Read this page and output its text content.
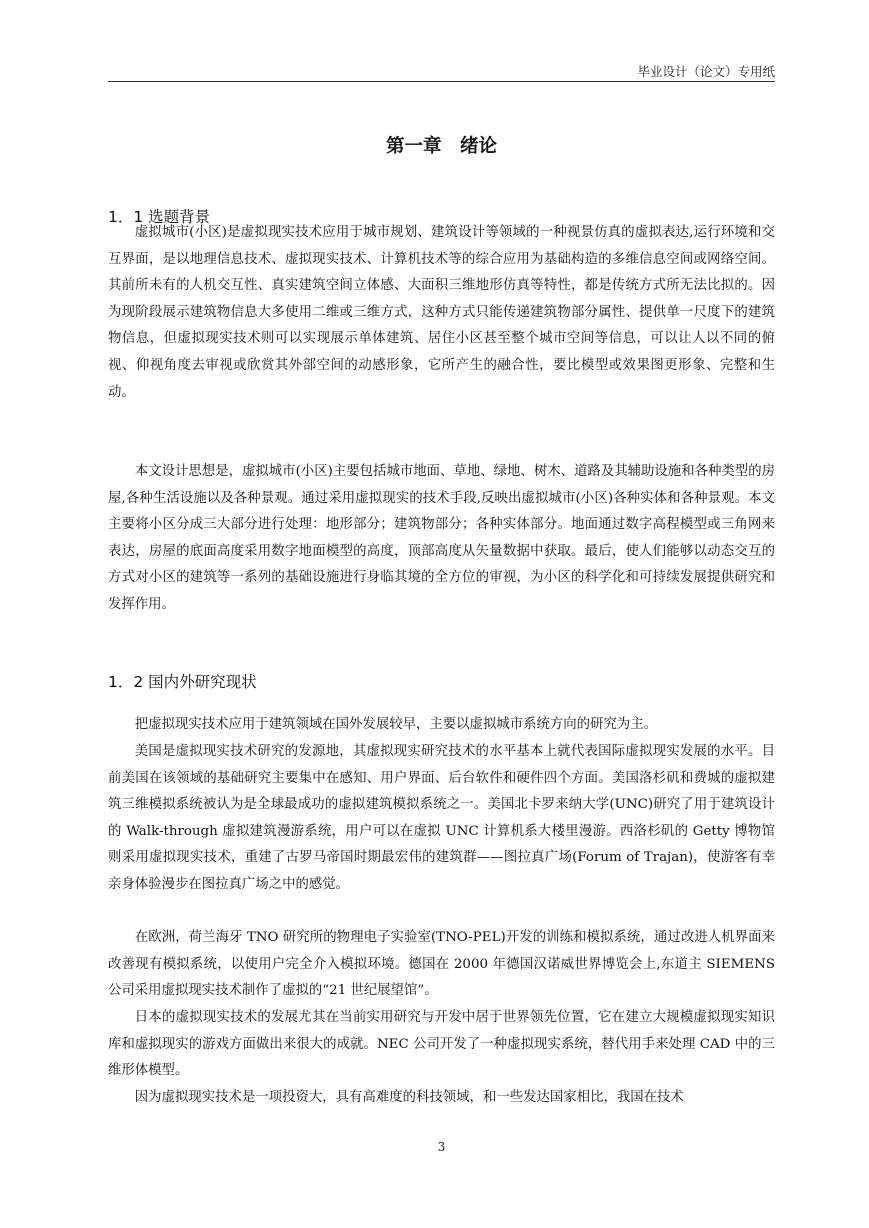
毕业设计（论文）专用纸
第一章　绪论
1．1 选题背景

虚拟城市(小区)是虚拟现实技术应用于城市规划、建筑设计等领域的一种视景仿真的虚拟表达,运行环境和交互界面，是以地理信息技术、虚拟现实技术、计算机技术等的综合应用为基础构造的多维信息空间或网络空间。其前所未有的人机交互性、真实建筑空间立体感、大面积三维地形仿真等特性，都是传统方式所无法比拟的。因为现阶段展示建筑物信息大多使用二维或三维方式，这种方式只能传递建筑物部分属性、提供单一尺度下的建筑物信息，但虚拟现实技术则可以实现展示单体建筑、居住小区甚至整个城市空间等信息，可以让人以不同的俯视、仰视角度去审视或欣赏其外部空间的动感形象，它所产生的融合性，要比模型或效果图更形象、完整和生动。

本文设计思想是，虚拟城市(小区)主要包括城市地面、草地、绿地、树木、道路及其辅助设施和各种类型的房屋,各种生活设施以及各种景观。通过采用虚拟现实的技术手段,反映出虚拟城市(小区)各种实体和各种景观。本文主要将小区分成三大部分进行处理：地形部分；建筑物部分；各种实体部分。地面通过数字高程模型或三角网来表达，房屋的底面高度采用数字地面模型的高度，顶部高度从矢量数据中获取。最后，使人们能够以动态交互的方式对小区的建筑等一系列的基础设施进行身临其境的全方位的审视，为小区的科学化和可持续发展提供研究和发挥作用。

1．2 国内外研究现状

把虚拟现实技术应用于建筑领域在国外发展较早，主要以虚拟城市系统方向的研究为主。

美国是虚拟现实技术研究的发源地，其虚拟现实研究技术的水平基本上就代表国际虚拟现实发展的水平。目前美国在该领域的基础研究主要集中在感知、用户界面、后台软件和硬件四个方面。美国洛杉矶和费城的虚拟建筑三维模拟系统被认为是全球最成功的虚拟建筑模拟系统之一。美国北卡罗来纳大学(UNC)研究了用于建筑设计的 Walk-through 虚拟建筑漫游系统，用户可以在虚拟 UNC 计算机系大楼里漫游。西洛杉矶的 Getty 博物馆则采用虚拟现实技术，重建了古罗马帝国时期最宏伟的建筑群——图拉真广场(Forum of Trajan)，使游客有幸亲身体验漫步在图拉真广场之中的感觉。

在欧洲，荷兰海牙 TNO 研究所的物理电子实验室(TNO-PEL)开发的训练和模拟系统，通过改进人机界面来改善现有模拟系统，以使用户完全介入模拟环境。德国在 2000 年德国汉诺威世界博览会上,东道主 SIEMENS 公司采用虚拟现实技术制作了虚拟的“21 世纪展望馆”。

日本的虚拟现实技术的发展尤其在当前实用研究与开发中居于世界领先位置，它在建立大规模虚拟现实知识库和虚拟现实的游戏方面做出来很大的成就。NEC 公司开发了一种虚拟现实系统，替代用手来处理 CAD 中的三维形体模型。

因为虚拟现实技术是一项投资大，具有高难度的科技领域，和一些发达国家相比，我国在技术

3
